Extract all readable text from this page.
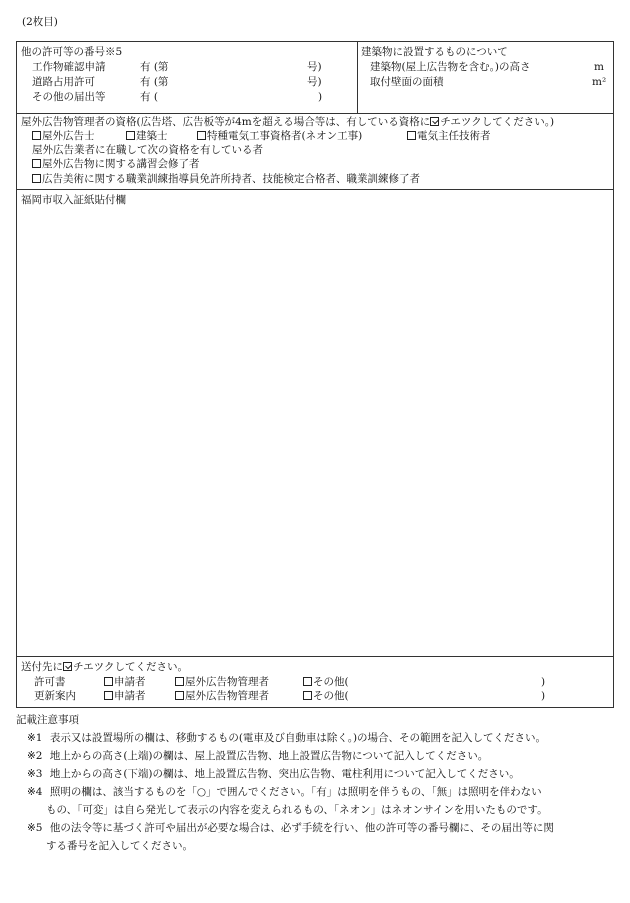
(2枚目)
他の許可等の番号※5
工作物確認申請	有 (第	号)
道路占用許可	有 (第	号)
その他の届出等	有 (	)
建築物に設置するものについて
建築物(屋上広告物を含む。)の高さ	m
取付壁面の面積	m²
屋外広告物管理者の資格(広告塔、広告板等が4mを超える場合等は、有している資格に チエツクしてください。)
屋外広告士	建築士	特種電気工事資格者(ネオン工事)	電気主任技術者
屋外広告業者に在職して次の資格を有している者
屋外広告物に関する講習会修了者
広告美術に関する職業訓練指導員免許所持者、技能検定合格者、職業訓練修了者
福岡市収入証紙貼付欄
送付先に チエツクしてください。
許可書	申請者	屋外広告物管理者	その他(	)
更新案内	申請者	屋外広告物管理者	その他(	)
記載注意事項
※1 表示又は設置場所の欄は、移動するもの(電車及び自動車は除く。)の場合、その範囲を記入してください。
※2 地上からの高さ(上端)の欄は、屋上設置広告物、地上設置広告物について記入してください。
※3 地上からの高さ(下端)の欄は、地上設置広告物、突出広告物、電柱利用について記入してください。
※4 照明の欄は、該当するものを「○」で囲んでください。「有」は照明を伴うもの、「無」は照明を伴わない
もの、「可変」は自ら発光して表示の内容を変えられるもの、「ネオン」はネオンサインを用いたものです。
※5 他の法令等に基づく許可や届出が必要な場合は、必ず手続を行い、他の許可等の番号欄に、その届出等に関
する番号を記入してください。
